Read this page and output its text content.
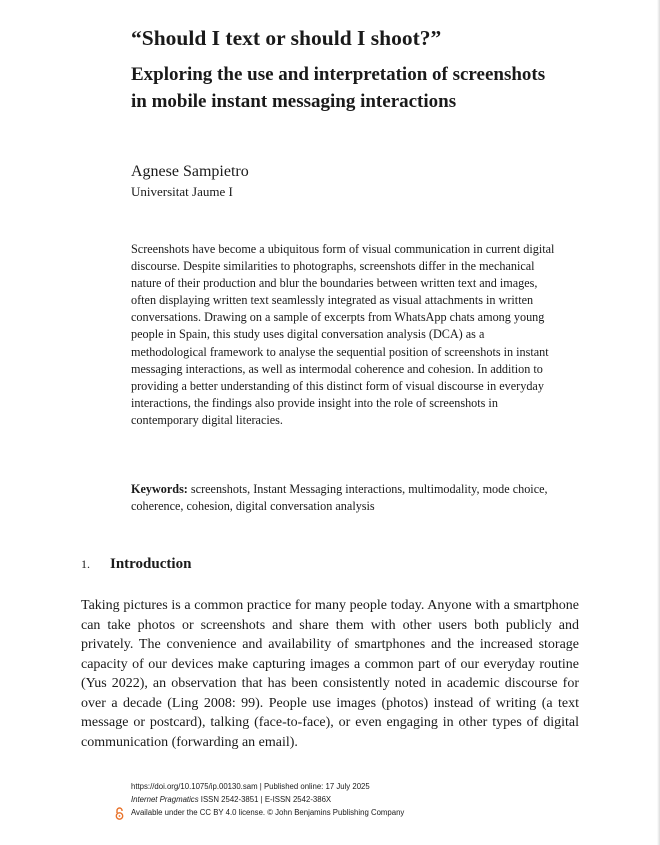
“Should I text or should I shoot?”
Exploring the use and interpretation of screenshots in mobile instant messaging interactions
Agnese Sampietro
Universitat Jaume I

Screenshots have become a ubiquitous form of visual communication in current digital discourse. Despite similarities to photographs, screenshots differ in the mechanical nature of their production and blur the boundaries between written text and images, often displaying written text seamlessly integrated as visual attachments in written conversations. Drawing on a sample of excerpts from WhatsApp chats among young people in Spain, this study uses digital conversation analysis (DCA) as a methodological framework to analyse the sequential position of screenshots in instant messaging interactions, as well as intermodal coherence and cohesion. In addition to providing a better understanding of this distinct form of visual discourse in everyday interactions, the findings also provide insight into the role of screenshots in contemporary digital literacies.

Keywords: screenshots, Instant Messaging interactions, multimodality, mode choice, coherence, cohesion, digital conversation analysis

1. Introduction

Taking pictures is a common practice for many people today. Anyone with a smartphone can take photos or screenshots and share them with other users both publicly and privately. The convenience and availability of smartphones and the increased storage capacity of our devices make capturing images a common part of our everyday routine (Yus 2022), an observation that has been consistently noted in academic discourse for over a decade (Ling 2008: 99). People use images (photos) instead of writing (a text message or postcard), talking (face-to-face), or even engaging in other types of digital communication (forwarding an email).

https://doi.org/10.1075/ip.00130.sam | Published online: 17 July 2025
Internet Pragmatics ISSN 2542-3851 | E-ISSN 2542-386X
Available under the CC BY 4.0 license. © John Benjamins Publishing Company
